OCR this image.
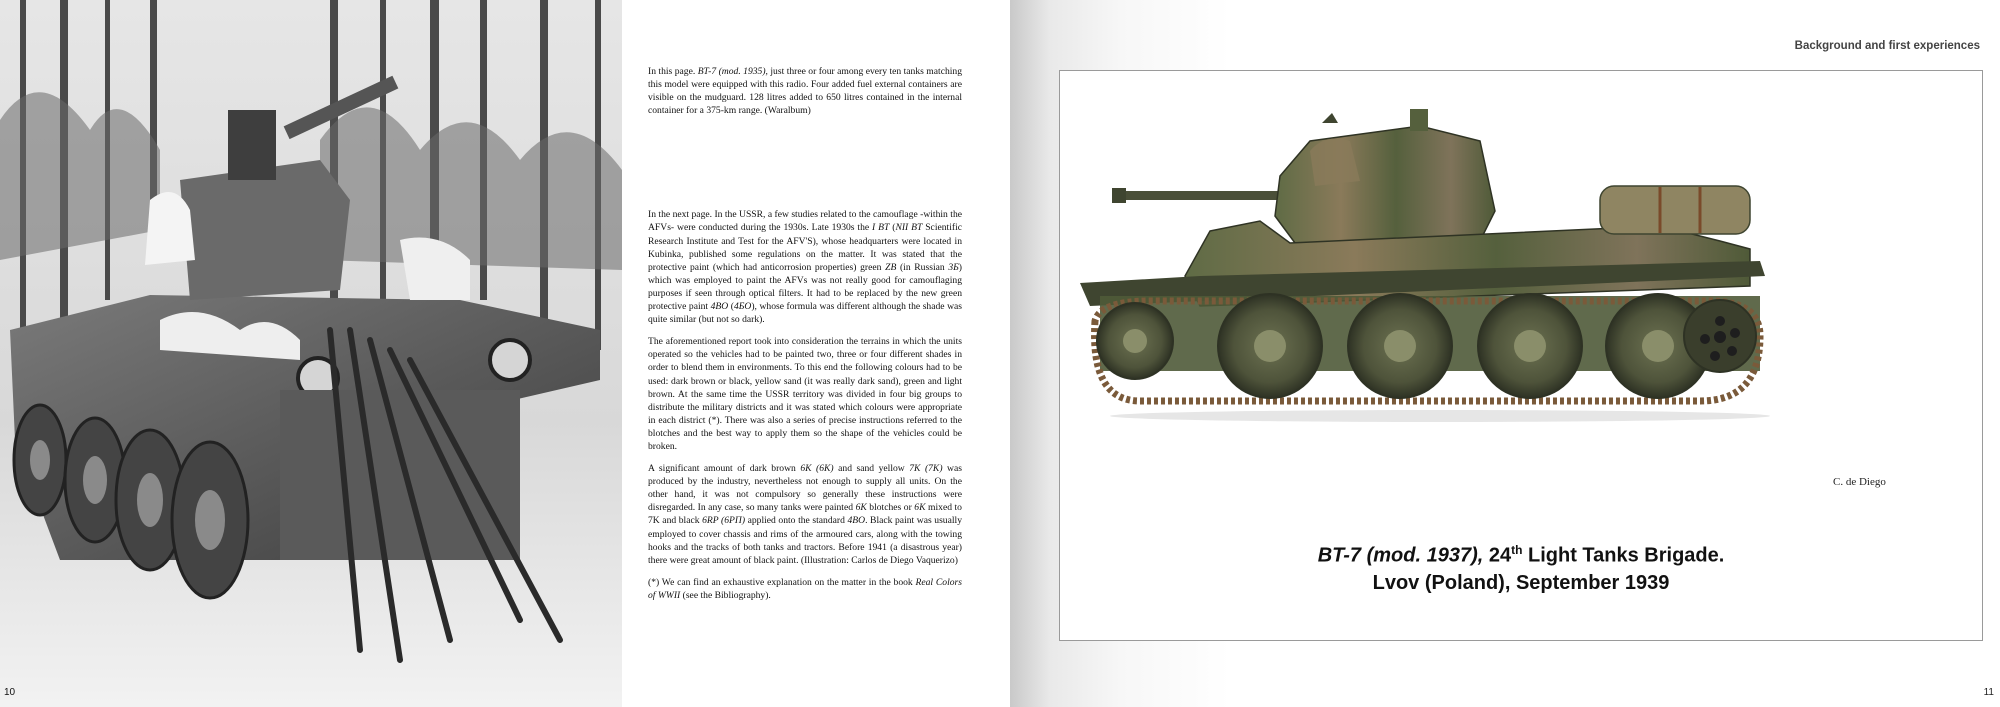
10

In this page. BT-7 (mod. 1935), just three or four among every ten tanks matching this model were equipped with this radio. Four added fuel external containers are visible on the mudguard. 128 litres added to 650 litres contained in the internal container for a 375-km range. (Waralbum)

In the next page. In the USSR, a few studies related to the camouflage -within the AFVs- were conducted during the 1930s. Late 1930s the I BT (NII BT Scientific Research Institute and Test for the AFV'S), whose headquarters were located in Kubinka, published some regulations on the matter. It was stated that the protective paint (which had anticorrosion properties) green ZB (in Russian 3Б) which was employed to paint the AFVs was not really good for camouflaging purposes if seen through optical filters. It had to be replaced by the new green protective paint 4BO (4БО), whose formula was different although the shade was quite similar (but not so dark).

The aforementioned report took into consideration the terrains in which the units operated so the vehicles had to be painted two, three or four different shades in order to blend them in environments. To this end the following colours had to be used: dark brown or black, yellow sand (it was really dark sand), green and light brown. At the same time the USSR territory was divided in four big groups to distribute the military districts and it was stated which colours were appropriate in each district (*). There was also a series of precise instructions referred to the blotches and the best way to apply them so the shape of the vehicles could be broken.

A significant amount of dark brown 6K (6K) and sand yellow 7K (7K) was produced by the industry, nevertheless not enough to supply all units. On the other hand, it was not compulsory so generally these instructions were disregarded. In any case, so many tanks were painted 6K blotches or 6K mixed to 7K and black 6RP (6PП) applied onto the standard 4BO. Black paint was usually employed to cover chassis and rims of the armoured cars, along with the towing hooks and the tracks of both tanks and tractors. Before 1941 (a disastrous year) there were great amount of black paint. (Illustration: Carlos de Diego Vaquerizo)

(*) We can find an exhaustive explanation on the matter in the book Real Colors of WWII (see the Bibliography).

Background and first experiences
C. de Diego
BT-7 (mod. 1937), 24th Light Tanks Brigade.
Lvov (Poland), September 1939
11
